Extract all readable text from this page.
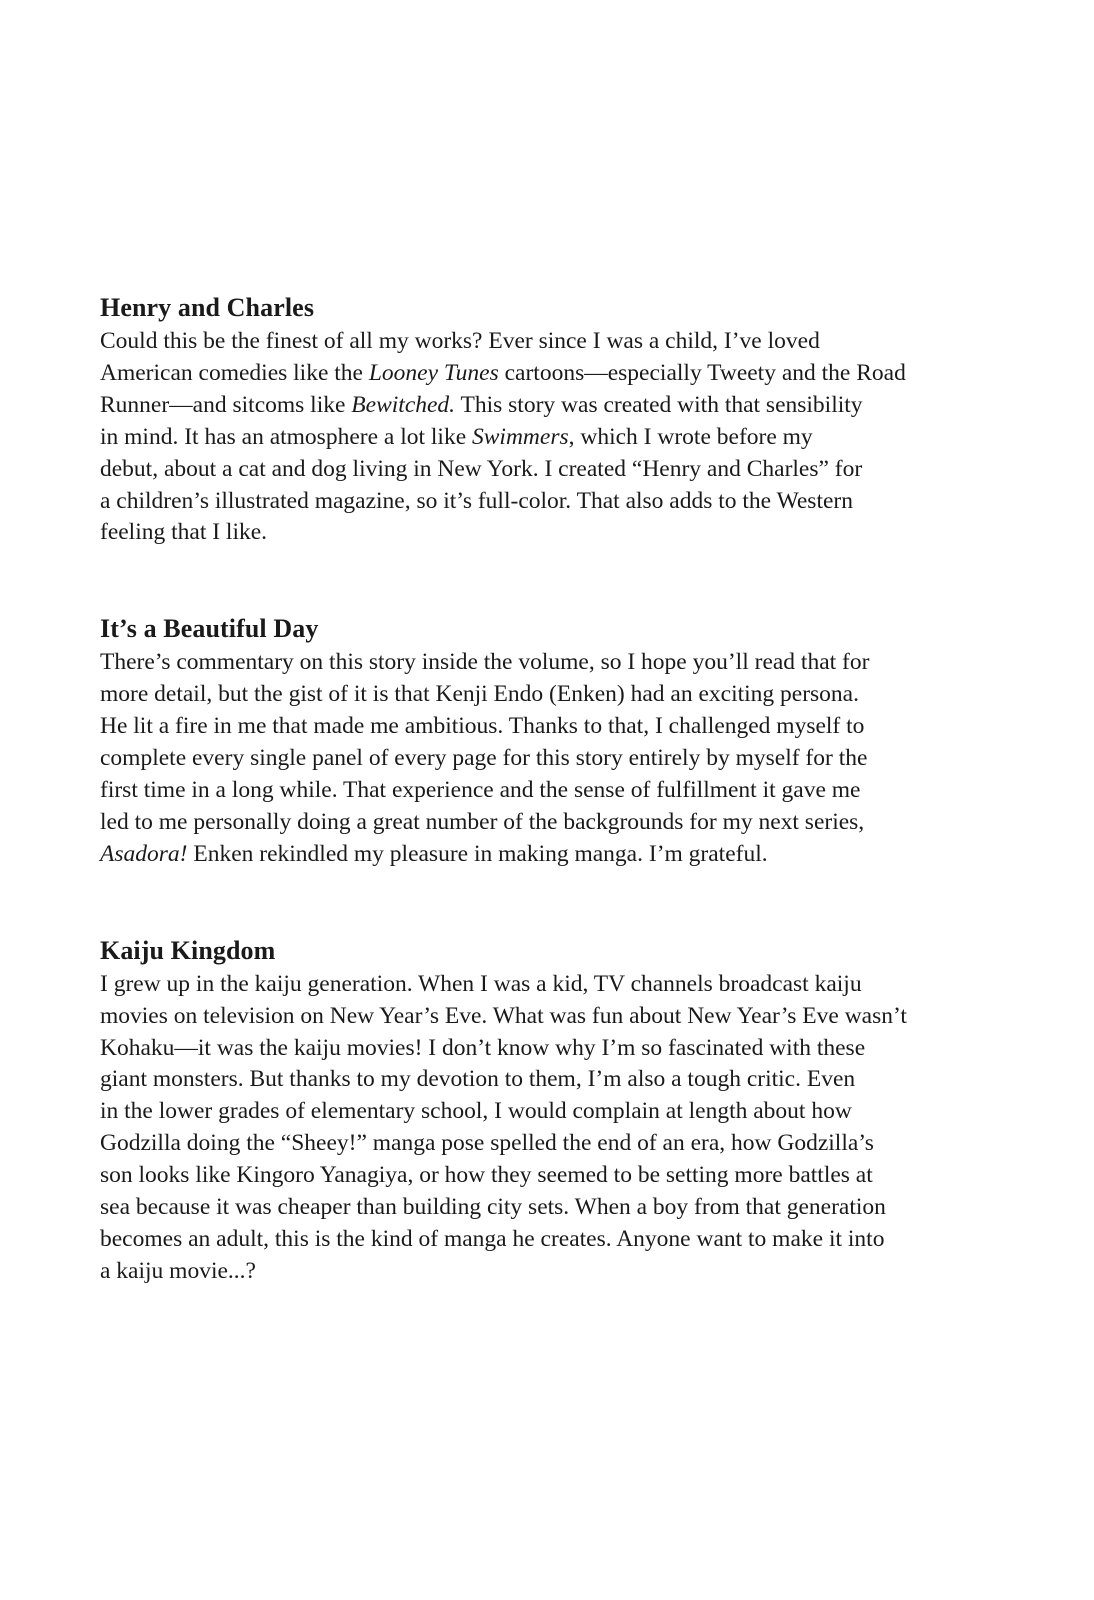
Henry and Charles
Could this be the finest of all my works? Ever since I was a child, I’ve loved
American comedies like the Looney Tunes cartoons—especially Tweety and the Road
Runner—and sitcoms like Bewitched. This story was created with that sensibility
in mind. It has an atmosphere a lot like Swimmers, which I wrote before my
debut, about a cat and dog living in New York. I created “Henry and Charles” for
a children’s illustrated magazine, so it’s full-color. That also adds to the Western
feeling that I like.
It’s a Beautiful Day
There’s commentary on this story inside the volume, so I hope you’ll read that for
more detail, but the gist of it is that Kenji Endo (Enken) had an exciting persona.
He lit a fire in me that made me ambitious. Thanks to that, I challenged myself to
complete every single panel of every page for this story entirely by myself for the
first time in a long while. That experience and the sense of fulfillment it gave me
led to me personally doing a great number of the backgrounds for my next series,
Asadora! Enken rekindled my pleasure in making manga. I’m grateful.
Kaiju Kingdom
I grew up in the kaiju generation. When I was a kid, TV channels broadcast kaiju
movies on television on New Year’s Eve. What was fun about New Year’s Eve wasn’t
Kohaku—it was the kaiju movies! I don’t know why I’m so fascinated with these
giant monsters. But thanks to my devotion to them, I’m also a tough critic. Even
in the lower grades of elementary school, I would complain at length about how
Godzilla doing the “Sheey!” manga pose spelled the end of an era, how Godzilla’s
son looks like Kingoro Yanagiya, or how they seemed to be setting more battles at
sea because it was cheaper than building city sets. When a boy from that generation
becomes an adult, this is the kind of manga he creates. Anyone want to make it into
a kaiju movie...?
